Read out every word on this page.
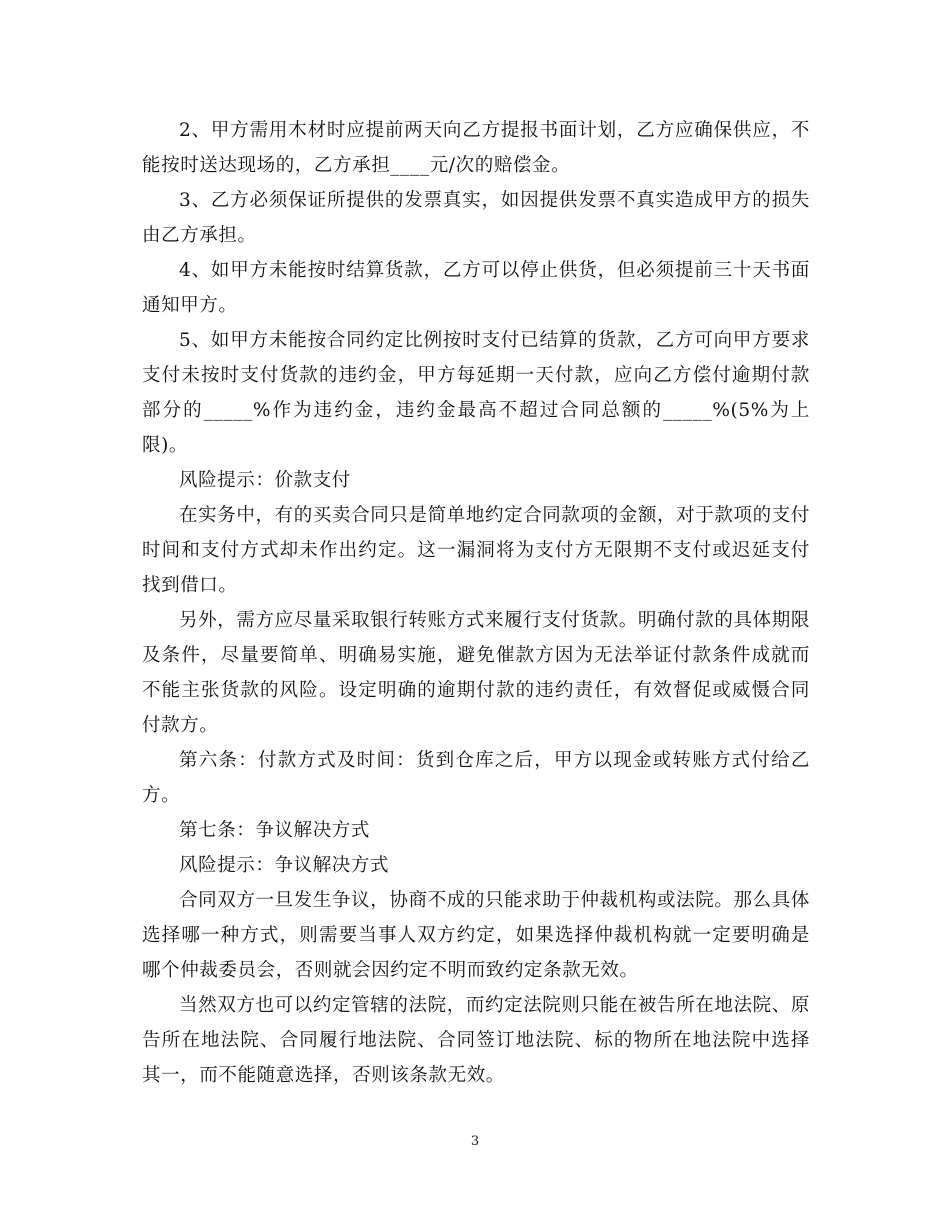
2、甲方需用木材时应提前两天向乙方提报书面计划，乙方应确保供应，不能按时送达现场的，乙方承担____元/次的赔偿金。

3、乙方必须保证所提供的发票真实，如因提供发票不真实造成甲方的损失由乙方承担。

4、如甲方未能按时结算货款，乙方可以停止供货，但必须提前三十天书面通知甲方。

5、如甲方未能按合同约定比例按时支付已结算的货款，乙方可向甲方要求支付未按时支付货款的违约金，甲方每延期一天付款，应向乙方偿付逾期付款部分的_____%作为违约金，违约金最高不超过合同总额的_____%(5%为上限)。

风险提示：价款支付

在实务中，有的买卖合同只是简单地约定合同款项的金额，对于款项的支付时间和支付方式却未作出约定。这一漏洞将为支付方无限期不支付或迟延支付找到借口。

另外，需方应尽量采取银行转账方式来履行支付货款。明确付款的具体期限及条件，尽量要简单、明确易实施，避免催款方因为无法举证付款条件成就而不能主张货款的风险。设定明确的逾期付款的违约责任，有效督促或威慑合同付款方。

第六条：付款方式及时间：货到仓库之后，甲方以现金或转账方式付给乙方。

第七条：争议解决方式

风险提示：争议解决方式

合同双方一旦发生争议，协商不成的只能求助于仲裁机构或法院。那么具体选择哪一种方式，则需要当事人双方约定，如果选择仲裁机构就一定要明确是哪个仲裁委员会，否则就会因约定不明而致约定条款无效。

当然双方也可以约定管辖的法院，而约定法院则只能在被告所在地法院、原告所在地法院、合同履行地法院、合同签订地法院、标的物所在地法院中选择其一，而不能随意选择，否则该条款无效。

3
